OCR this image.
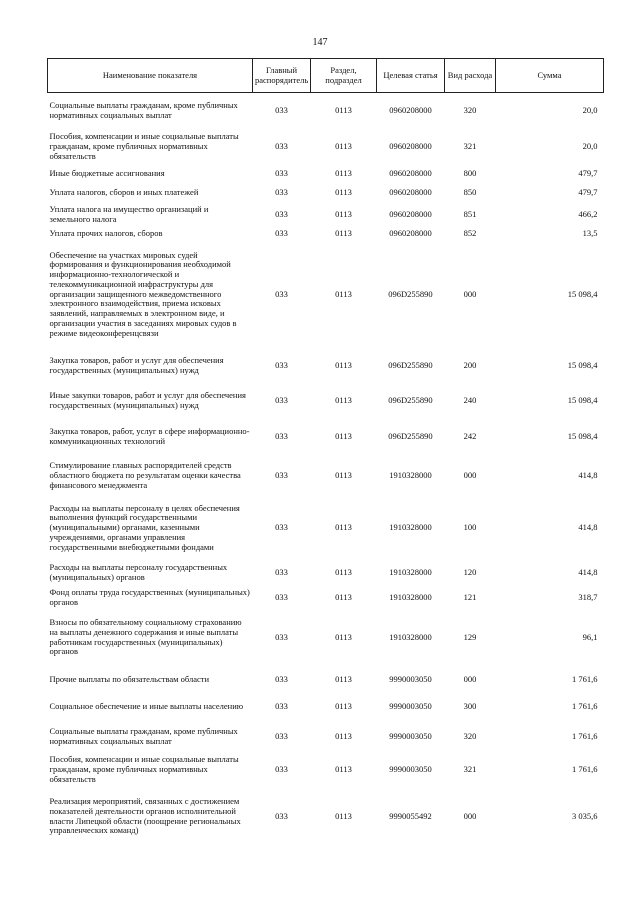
147
Наименование показателя	Главный распорядитель	Раздел, подраздел	Целевая статья	Вид расхода	Сумма

Социальные выплаты гражданам, кроме публичных нормативных социальных выплат	033	0113	0960208000	320	20,0

Пособия, компенсации и иные социальные выплаты гражданам, кроме публичных нормативных обязательств	033	0113	0960208000	321	20,0

Иные бюджетные ассигнования	033	0113	0960208000	800	479,7

Уплата налогов, сборов и иных платежей	033	0113	0960208000	850	479,7

Уплата налога на имущество организаций и земельного налога	033	0113	0960208000	851	466,2

Уплата прочих налогов, сборов	033	0113	0960208000	852	13,5

Обеспечение на участках мировых судей формирования и функционирования необходимой информационно-технологической и телекоммуникационной инфраструктуры для организации защищенного межведомственного электронного взаимодействия, приема исковых заявлений, направляемых в электронном виде, и организации участия в заседаниях мировых судов в режиме видеоконференцсвязи	033	0113	096D255890	000	15 098,4

Закупка товаров, работ и услуг для обеспечения государственных (муниципальных) нужд	033	0113	096D255890	200	15 098,4

Иные закупки товаров, работ и услуг для обеспечения государственных (муниципальных) нужд	033	0113	096D255890	240	15 098,4

Закупка товаров, работ, услуг в сфере информационно-коммуникационных технологий	033	0113	096D255890	242	15 098,4

Стимулирование главных распорядителей средств областного бюджета по результатам оценки качества финансового менеджмента	033	0113	1910328000	000	414,8

Расходы на выплаты персоналу в целях обеспечения выполнения функций государственными (муниципальными) органами, казенными учреждениями, органами управления государственными внебюджетными фондами	033	0113	1910328000	100	414,8

Расходы на выплаты персоналу государственных (муниципальных) органов	033	0113	1910328000	120	414,8

Фонд оплаты труда государственных (муниципальных) органов	033	0113	1910328000	121	318,7

Взносы по обязательному социальному страхованию на выплаты денежного содержания и иные выплаты работникам государственных (муниципальных) органов	033	0113	1910328000	129	96,1

Прочие выплаты по обязательствам области	033	0113	9990003050	000	1 761,6

Социальное обеспечение и иные выплаты населению	033	0113	9990003050	300	1 761,6

Социальные выплаты гражданам, кроме публичных нормативных социальных выплат	033	0113	9990003050	320	1 761,6

Пособия, компенсации и иные социальные выплаты гражданам, кроме публичных нормативных обязательств	033	0113	9990003050	321	1 761,6

Реализация мероприятий, связанных с достижением показателей деятельности органов исполнительной власти Липецкой области (поощрение региональных управленческих команд)	033	0113	9990055492	000	3 035,6
